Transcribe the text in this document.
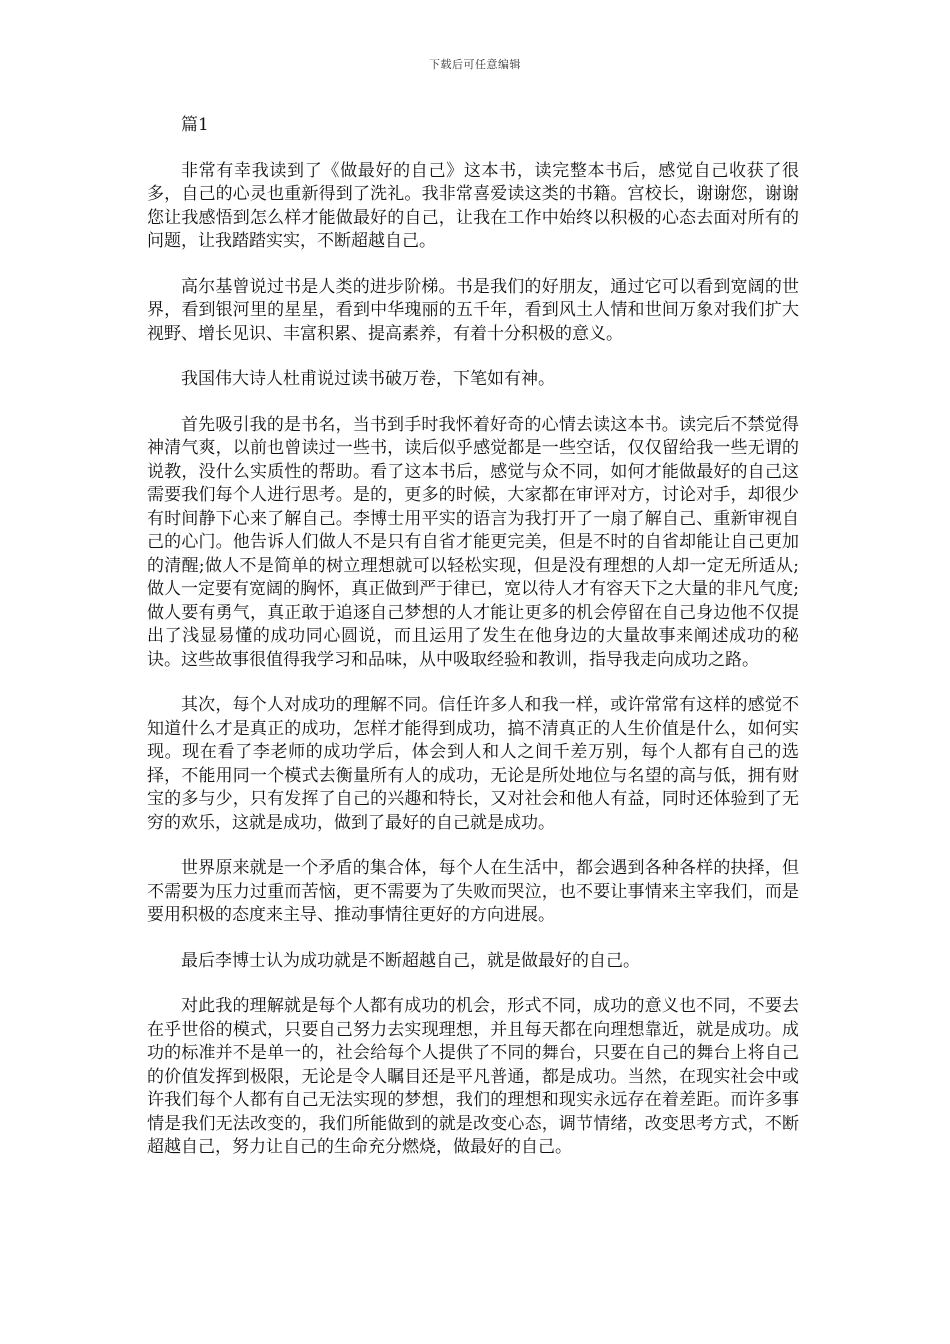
下载后可任意编辑

篇1

非常有幸我读到了《做最好的自己》这本书，读完整本书后，感觉自己收获了很多，自己的心灵也重新得到了洗礼。我非常喜爱读这类的书籍。宫校长，谢谢您，谢谢您让我感悟到怎么样才能做最好的自己，让我在工作中始终以积极的心态去面对所有的问题，让我踏踏实实，不断超越自己。

高尔基曾说过书是人类的进步阶梯。书是我们的好朋友，通过它可以看到宽阔的世界，看到银河里的星星，看到中华瑰丽的五千年，看到风土人情和世间万象对我们扩大视野、增长见识、丰富积累、提高素养，有着十分积极的意义。

我国伟大诗人杜甫说过读书破万卷，下笔如有神。

首先吸引我的是书名，当书到手时我怀着好奇的心情去读这本书。读完后不禁觉得神清气爽，以前也曾读过一些书，读后似乎感觉都是一些空话，仅仅留给我一些无谓的说教，没什么实质性的帮助。看了这本书后，感觉与众不同，如何才能做最好的自己这需要我们每个人进行思考。是的，更多的时候，大家都在审评对方，讨论对手，却很少有时间静下心来了解自己。李博士用平实的语言为我打开了一扇了解自己、重新审视自己的心门。他告诉人们做人不是只有自省才能更完美，但是不时的自省却能让自己更加的清醒;做人不是简单的树立理想就可以轻松实现，但是没有理想的人却一定无所适从;做人一定要有宽阔的胸怀，真正做到严于律已，宽以待人才有容天下之大量的非凡气度;做人要有勇气，真正敢于追逐自己梦想的人才能让更多的机会停留在自己身边他不仅提出了浅显易懂的成功同心圆说，而且运用了发生在他身边的大量故事来阐述成功的秘诀。这些故事很值得我学习和品味，从中吸取经验和教训，指导我走向成功之路。

其次，每个人对成功的理解不同。信任许多人和我一样，或许常常有这样的感觉不知道什么才是真正的成功，怎样才能得到成功，搞不清真正的人生价值是什么，如何实现。现在看了李老师的成功学后，体会到人和人之间千差万别，每个人都有自己的选择，不能用同一个模式去衡量所有人的成功，无论是所处地位与名望的高与低，拥有财宝的多与少，只有发挥了自己的兴趣和特长，又对社会和他人有益，同时还体验到了无穷的欢乐，这就是成功，做到了最好的自己就是成功。

世界原来就是一个矛盾的集合体，每个人在生活中，都会遇到各种各样的抉择，但不需要为压力过重而苦恼，更不需要为了失败而哭泣，也不要让事情来主宰我们，而是要用积极的态度来主导、推动事情往更好的方向进展。

最后李博士认为成功就是不断超越自己，就是做最好的自己。

对此我的理解就是每个人都有成功的机会，形式不同，成功的意义也不同，不要去在乎世俗的模式，只要自己努力去实现理想，并且每天都在向理想靠近，就是成功。成功的标准并不是单一的，社会给每个人提供了不同的舞台，只要在自己的舞台上将自己的价值发挥到极限，无论是令人瞩目还是平凡普通，都是成功。当然，在现实社会中或许我们每个人都有自己无法实现的梦想，我们的理想和现实永远存在着差距。而许多事情是我们无法改变的，我们所能做到的就是改变心态，调节情绪，改变思考方式，不断超越自己，努力让自己的生命充分燃烧，做最好的自己。
